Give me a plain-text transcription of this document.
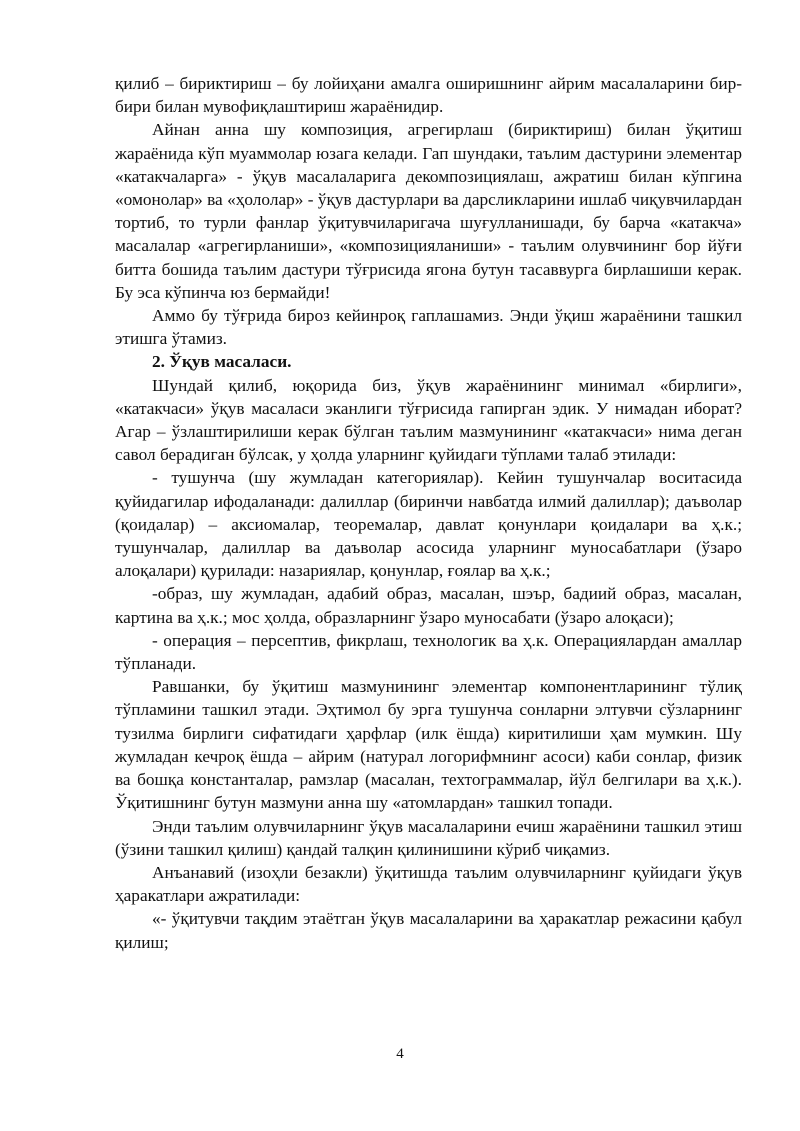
қилиб – бириктириш – бу лойиҳани амалга оширишнинг айрим масалаларини бир-бири билан мувофиқлаштириш жараёнидир.

Айнан анна шу композиция, агрегирлаш (бириктириш) билан ўқитиш жараёнида кўп муаммолар юзага келади. Гап шундаки, таълим дастурини элементар «катакчаларга» - ўқув масалаларига декомпозициялаш, ажратиш билан кўпгина «омонолар» ва «ҳололар» - ўқув дастурлари ва дарсликларини ишлаб чиқувчилардан тортиб, то турли фанлар ўқитувчиларигача шуғулланишади, бу барча «катакча» масалалар «агрегирланиши», «композицияланиши» - таълим олувчининг бор йўғи битта бошида таълим дастури тўғрисида ягона бутун тасаввурга бирлашиши керак. Бу эса кўпинча юз бермайди!

Аммо бу тўғрида бироз кейинроқ гаплашамиз. Энди ўқиш жараёнини ташкил этишга ўтамиз.

2. Ўқув масаласи.

Шундай қилиб, юқорида биз, ўқув жараёнининг минимал «бирлиги», «катакчаси» ўқув масаласи эканлиги тўғрисида гапирган эдик. У нимадан иборат? Агар – ўзлаштирилиши керак бўлган таълим мазмунининг «катакчаси» нима деган савол берадиган бўлсак, у ҳолда уларнинг қуйидаги тўплами талаб этилади:

- тушунча (шу жумладан категориялар). Кейин тушунчалар воситасида қуйидагилар ифодаланади: далиллар (биринчи навбатда илмий далиллар); даъволар (қоидалар) – аксиомалар, теоремалар, давлат қонунлари қоидалари ва ҳ.к.; тушунчалар, далиллар ва даъволар асосида уларнинг муносабатлари (ўзаро алоқалари) қурилади: назариялар, қонунлар, ғоялар ва ҳ.к.;

-образ, шу жумладан, адабий образ, масалан, шэър, бадиий образ, масалан, картина ва ҳ.к.; мос ҳолда, образларнинг ўзаро муносабати (ўзаро алоқаси);

- операция – персептив, фикрлаш, технологик ва ҳ.к. Операциялардан амаллар тўпланади.

Равшанки, бу ўқитиш мазмунининг элементар компонентларининг тўлиқ тўпламини ташкил этади. Эҳтимол бу эрга тушунча сонларни элтувчи сўзларнинг тузилма бирлиги сифатидаги ҳарфлар (илк ёшда) киритилиши ҳам мумкин. Шу жумладан кечроқ ёшда – айрим (натурал логорифмнинг асоси) каби сонлар, физик ва бошқа константалар, рамзлар (масалан, техтограммалар, йўл белгилари ва ҳ.к.). Ўқитишнинг бутун мазмуни анна шу «атомлардан» ташкил топади.

Энди таълим олувчиларнинг ўқув масалаларини ечиш жараёнини ташкил этиш (ўзини ташкил қилиш) қандай талқин қилинишини кўриб чиқамиз.

Анъанавий (изоҳли безакли) ўқитишда таълим олувчиларнинг қуйидаги ўқув ҳаракатлари ажратилади:

«- ўқитувчи тақдим этаётган ўқув масалаларини ва ҳаракатлар режасини қабул қилиш;

4
